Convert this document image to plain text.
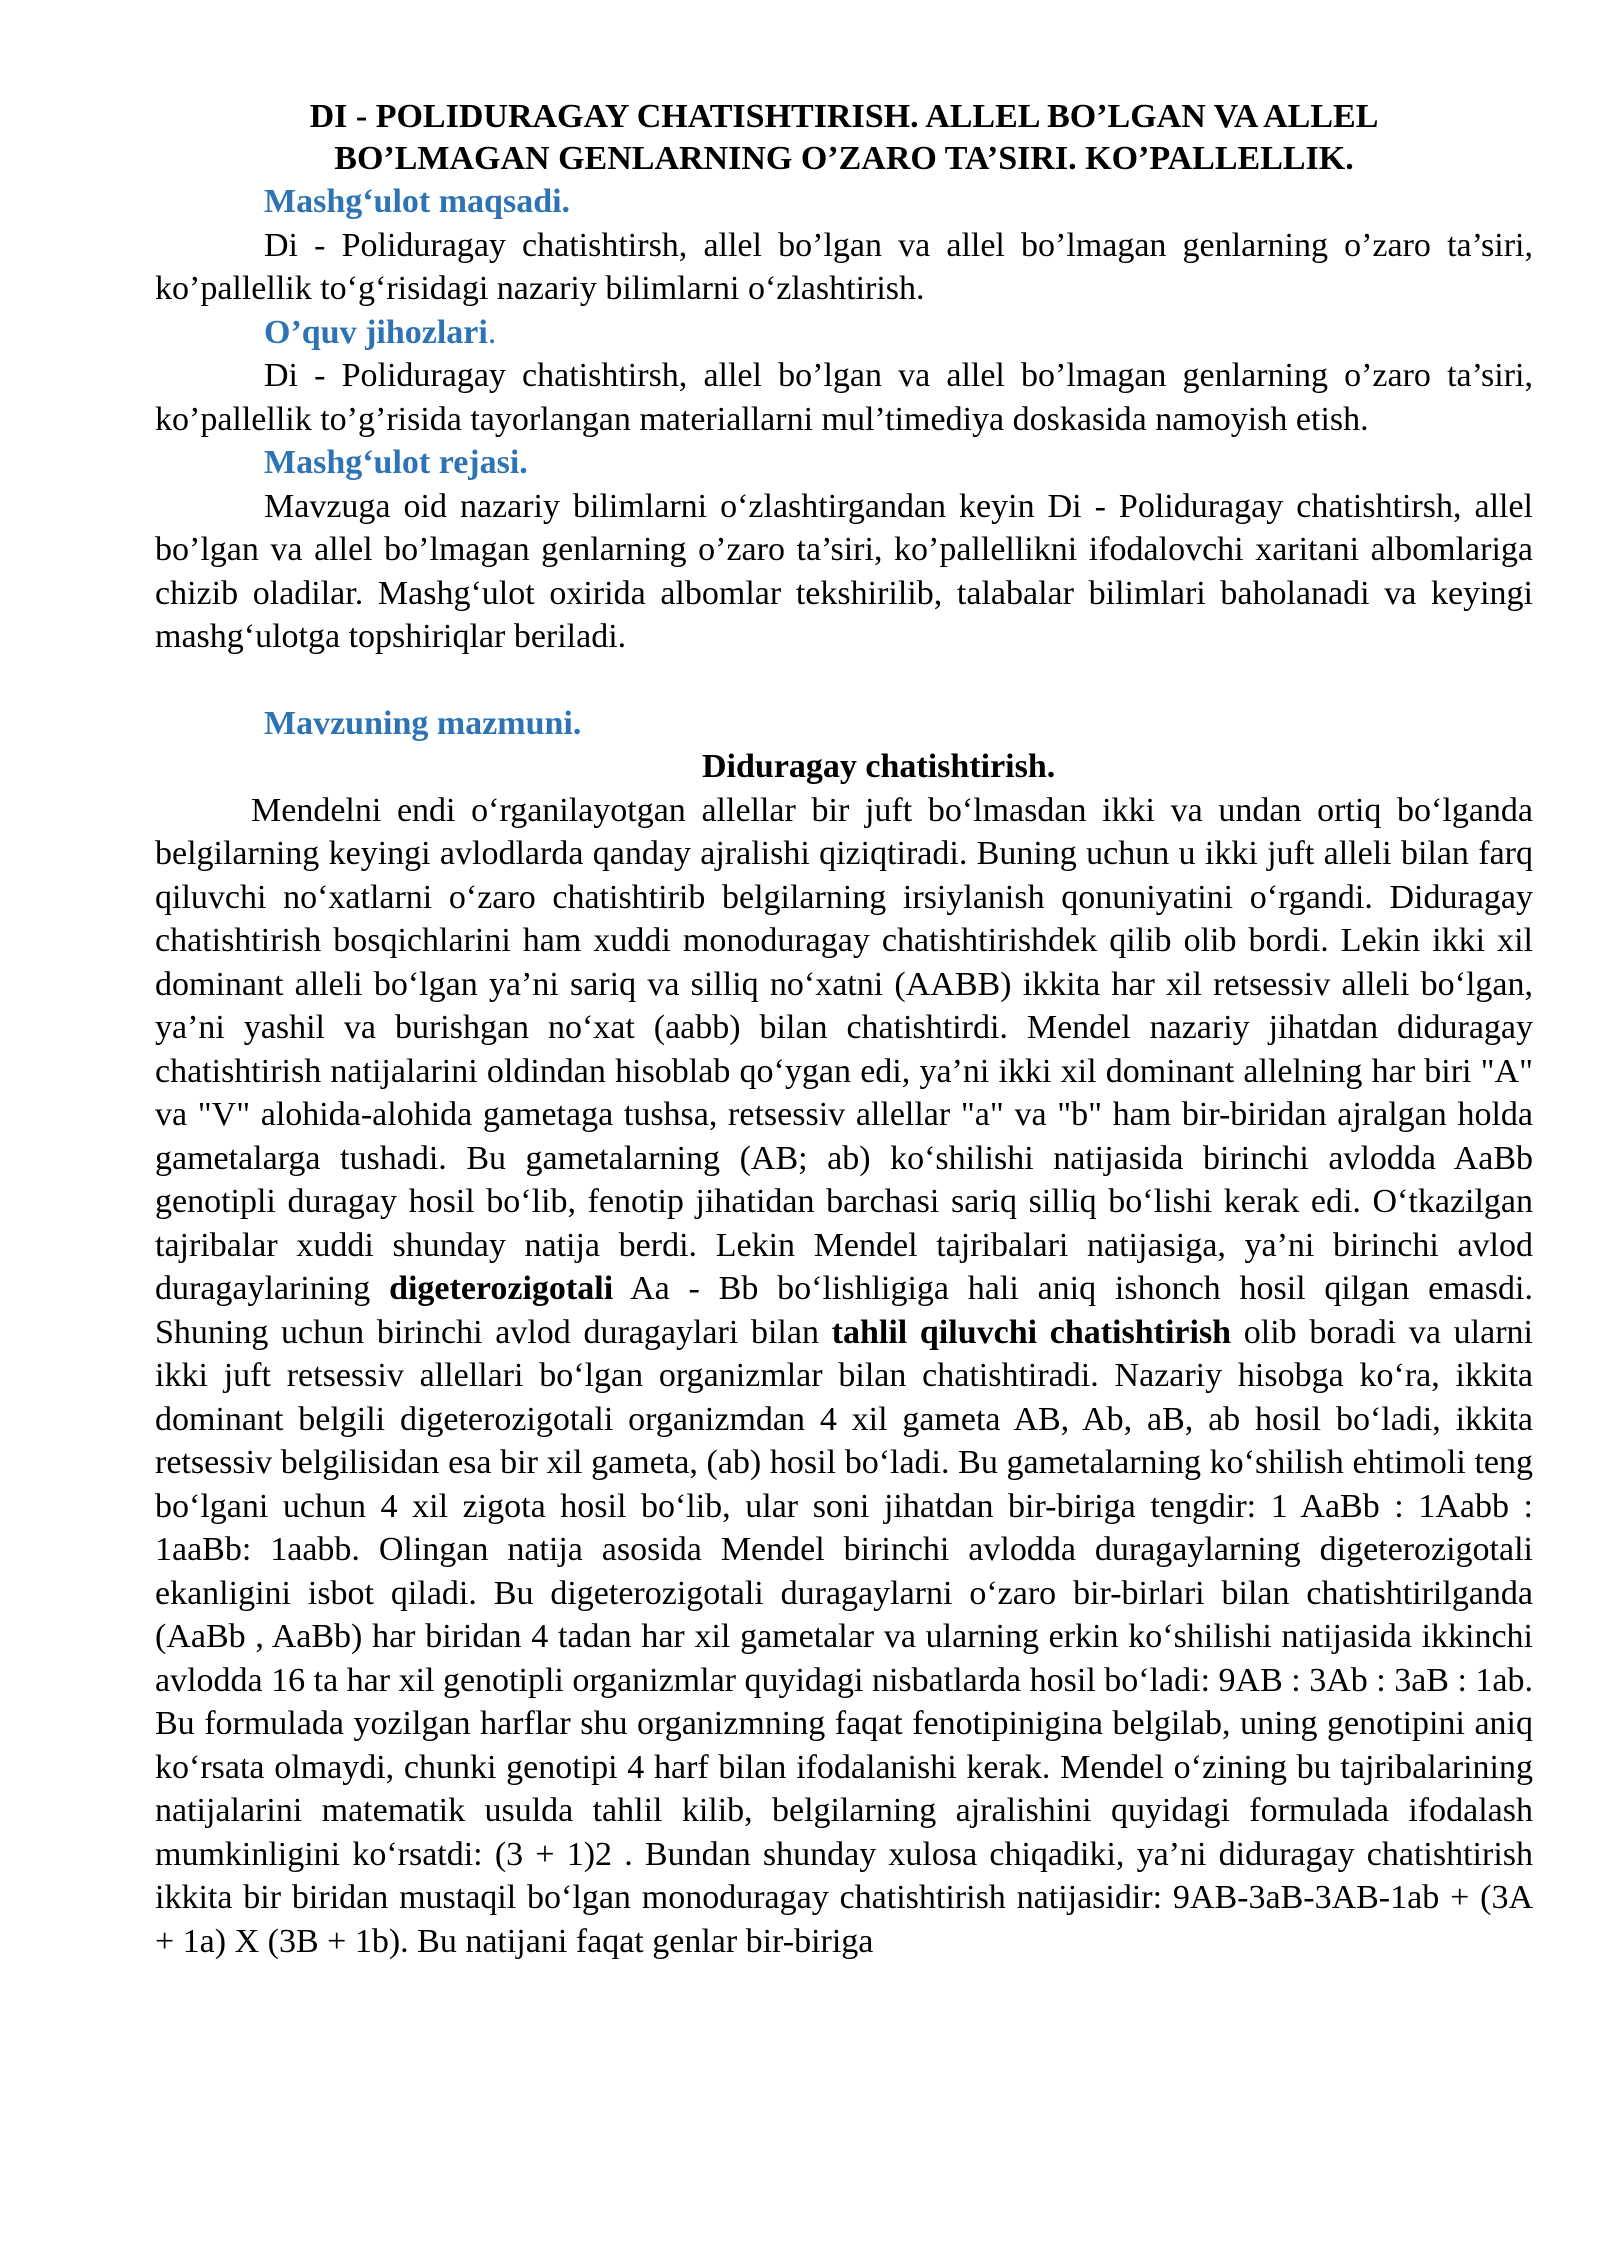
DI - POLIDURAGAY CHATISHTIRISH. ALLEL BO’LGAN VA ALLEL
BO’LMAGAN GENLARNING O’ZARO TA’SIRI. KO’PALLELLIK.

Mashg‘ulot maqsadi.

Di - Poliduragay chatishtirsh, allel bo’lgan va allel bo’lmagan genlarning o’zaro ta’siri, ko’pallellik to‘g‘risidagi nazariy bilimlarni o‘zlashtirish.

O’quv jihozlari.

Di - Poliduragay chatishtirsh, allel bo’lgan va allel bo’lmagan genlarning o’zaro ta’siri, ko’pallellik to’g’risida tayorlangan materiallarni mul’timediya doskasida namoyish etish.

Mashg‘ulot rejasi.

Mavzuga oid nazariy bilimlarni o‘zlashtirgandan keyin Di - Poliduragay chatishtirsh, allel bo’lgan va allel bo’lmagan genlarning o’zaro ta’siri, ko’pallellikni ifodalovchi xaritani albomlariga chizib oladilar. Mashg‘ulot oxirida albomlar tekshirilib, talabalar bilimlari baholanadi va keyingi mashg‘ulotga topshiriqlar beriladi.

Mavzuning mazmuni.

Diduragay chatishtirish.

Mendelni endi o‘rganilayotgan allellar bir juft bo‘lmasdan ikki va undan ortiq bo‘lganda belgilarning keyingi avlodlarda qanday ajralishi qiziqtiradi. Buning uchun u ikki juft alleli bilan farq qiluvchi no‘xatlarni o‘zaro chatishtirib belgilarning irsiylanish qonuniyatini o‘rgandi. Diduragay chatishtirish bosqichlarini ham xuddi monoduragay chatishtirishdek qilib olib bordi. Lekin ikki xil dominant alleli bo‘lgan ya’ni sariq va silliq no‘xatni (AABB) ikkita har xil retsessiv alleli bo‘lgan, ya’ni yashil va burishgan no‘xat (aabb) bilan chatishtirdi. Mendel nazariy jihatdan diduragay chatishtirish natijalarini oldindan hisoblab qo‘ygan edi, ya’ni ikki xil dominant allelning har biri "A" va "V" alohida-alohida gametaga tushsa, retsessiv allellar "a" va "b" ham bir-biridan ajralgan holda gametalarga tushadi. Bu gametalarning (AB; ab) ko‘shilishi natijasida birinchi avlodda AaBb genotipli duragay hosil bo‘lib, fenotip jihatidan barchasi sariq silliq bo‘lishi kerak edi. O‘tkazilgan tajribalar xuddi shunday natija berdi. Lekin Mendel tajribalari natijasiga, ya’ni birinchi avlod duragaylarining digeterozigotali Aa - Bb bo‘lishligiga hali aniq ishonch hosil qilgan emasdi. Shuning uchun birinchi avlod duragaylari bilan tahlil qiluvchi chatishtirish olib boradi va ularni ikki juft retsessiv allellari bo‘lgan organizmlar bilan chatishtiradi. Nazariy hisobga ko‘ra, ikkita dominant belgili digeterozigotali organizmdan 4 xil gameta AB, Ab, aB, ab hosil bo‘ladi, ikkita retsessiv belgilisidan esa bir xil gameta, (ab) hosil bo‘ladi. Bu gametalarning ko‘shilish ehtimoli teng bo‘lgani uchun 4 xil zigota hosil bo‘lib, ular soni jihatdan bir-biriga tengdir: 1 AaBb : 1Aabb : 1aaBb: 1aabb. Olingan natija asosida Mendel birinchi avlodda duragaylarning digeterozigotali ekanligini isbot qiladi. Bu digeterozigotali duragaylarni o‘zaro bir-birlari bilan chatishtirilganda (AaBb , AaBb) har biridan 4 tadan har xil gametalar va ularning erkin ko‘shilishi natijasida ikkinchi avlodda 16 ta har xil genotipli organizmlar quyidagi nisbatlarda hosil bo‘ladi: 9AB : 3Ab : 3aB : 1ab. Bu formulada yozilgan harflar shu organizmning faqat fenotipinigina belgilab, uning genotipini aniq ko‘rsata olmaydi, chunki genotipi 4 harf bilan ifodalanishi kerak. Mendel o‘zining bu tajribalarining natijalarini matematik usulda tahlil kilib, belgilarning ajralishini quyidagi formulada ifodalash mumkinligini ko‘rsatdi: (3 + 1)2 . Bundan shunday xulosa chiqadiki, ya’ni diduragay chatishtirish ikkita bir biridan mustaqil bo‘lgan monoduragay chatishtirish natijasidir: 9AB-3aB-3AB-1ab + (3A + 1a) X (3B + 1b). Bu natijani faqat genlar bir-biriga
